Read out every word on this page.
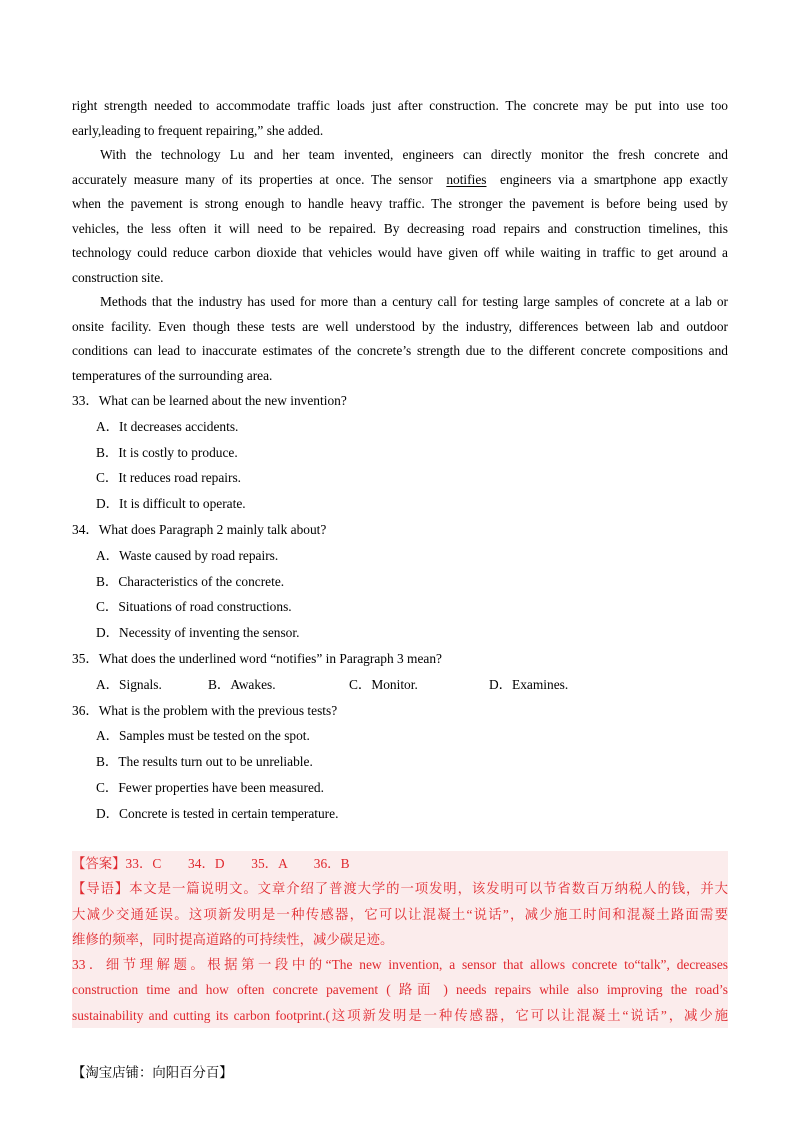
right strength needed to accommodate traffic loads just after construction. The concrete may be put into use too
early,leading to frequent repairing,” she added.
With the technology Lu and her team invented, engineers can directly monitor the fresh concrete and
accurately measure many of its properties at once. The sensor notifies engineers via a smartphone app exactly
when the pavement is strong enough to handle heavy traffic. The stronger the pavement is before being used by
vehicles, the less often it will need to be repaired. By decreasing road repairs and construction timelines, this
technology could reduce carbon dioxide that vehicles would have given off while waiting in traffic to get around a
construction site.
Methods that the industry has used for more than a century call for testing large samples of concrete at a lab or
onsite facility. Even though these tests are well understood by the industry, differences between lab and outdoor
conditions can lead to inaccurate estimates of the concrete’s strength due to the different concrete compositions and
temperatures of the surrounding area.
33．What can be learned about the new invention?
A．It decreases accidents.
B．It is costly to produce.
C．It reduces road repairs.
D．It is difficult to operate.
34．What does Paragraph 2 mainly talk about?
A．Waste caused by road repairs.
B．Characteristics of the concrete.
C．Situations of road constructions.
D．Necessity of inventing the sensor.
35．What does the underlined word “notifies” in Paragraph 3 mean?
A．Signals.	B．Awakes.	C．Monitor.	D．Examines.
36．What is the problem with the previous tests?
A．Samples must be tested on the spot.
B．The results turn out to be unreliable.
C．Fewer properties have been measured.
D．Concrete is tested in certain temperature.
【答案】33．C　　34．D　　35．A　　36．B
【导语】本文是一篇说明文。文章介绍了普渡大学的一项发明，该发明可以节省数百万纳税人的钱，并大
大减少交通延误。这项新发明是一种传感器，它可以让混凝土“说话”，减少施工时间和混凝土路面需要
维修的频率，同时提高道路的可持续性，减少碳足迹。
33．细节理解题。根据第一段中的“The new invention, a sensor that allows concrete to“talk”, decreases
construction time and how often concrete pavement ( 路面 ) needs repairs while also improving the road’s
sustainability and cutting its carbon footprint.(这项新发明是一种传感器，它可以让混凝土“说话”，减少施
【淘宝店铺：向阳百分百】
